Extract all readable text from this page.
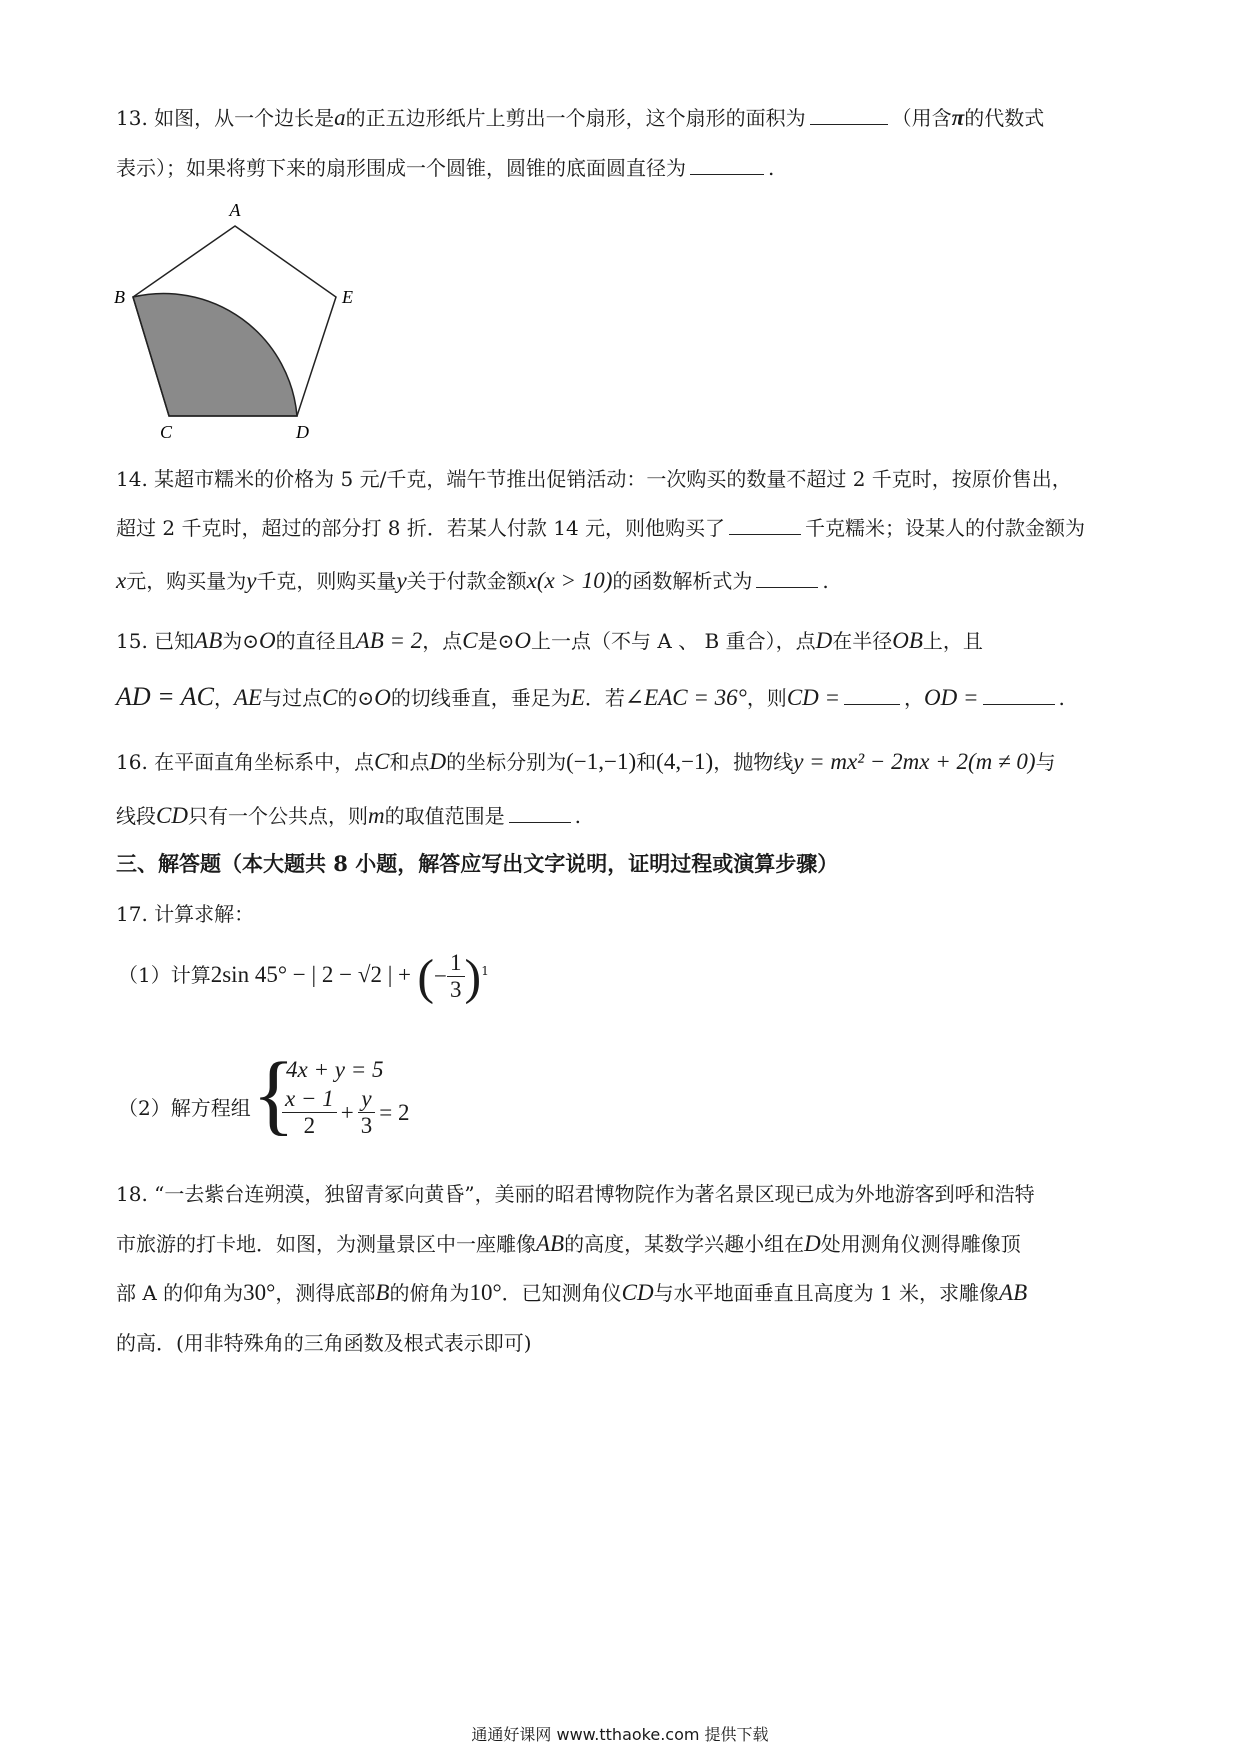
13. 如图，从一个边长是a的正五边形纸片上剪出一个扇形，这个扇形的面积为	（用含π的代数式
表示）；如果将剪下来的扇形围成一个圆锥，圆锥的底面圆直径为	.
A
B	E
C	D
14. 某超市糯米的价格为 5 元/千克，端午节推出促销活动：一次购买的数量不超过 2 千克时，按原价售出，
超过 2 千克时，超过的部分打 8 折．若某人付款 14 元，则他购买了	千克糯米；设某人的付款金额为
x元，购买量为y千克，则购买量y关于付款金额x(x > 10)的函数解析式为	.
15. 已知AB为⊙O的直径且AB = 2，点C是⊙O上一点（不与 A 、 B 重合），点D在半径OB上，且
AD = AC，AE与过点C的⊙O的切线垂直，垂足为E．若∠EAC = 36°，则CD =	，OD =	.
16. 在平面直角坐标系中，点C和点D的坐标分别为(−1,−1)和(4,−1)，抛物线y = mx² − 2mx + 2(m ≠ 0)与
线段CD只有一个公共点，则m的取值范围是	.
三、解答题（本大题共 8 小题，解答应写出文字说明，证明过程或演算步骤）
17. 计算求解：
（1）计算2sin 45° − | 2 − √2 | + (− $\frac{1}{3} )^1$
（2）解方程组 {
4x + y = 5
$\frac{x - 1}{2} + \frac{y}{3} = 2$
18. “一去紫台连朔漠，独留青冢向黄昏”，美丽的昭君博物院作为著名景区现已成为外地游客到呼和浩特
市旅游的打卡地．如图，为测量景区中一座雕像AB的高度，某数学兴趣小组在D处用测角仪测得雕像顶
部 A 的仰角为30°，测得底部B的俯角为10°．已知测角仪CD与水平地面垂直且高度为 1 米，求雕像AB
的高．(用非特殊角的三角函数及根式表示即可)
通通好课网 www.tthaoke.com 提供下载
